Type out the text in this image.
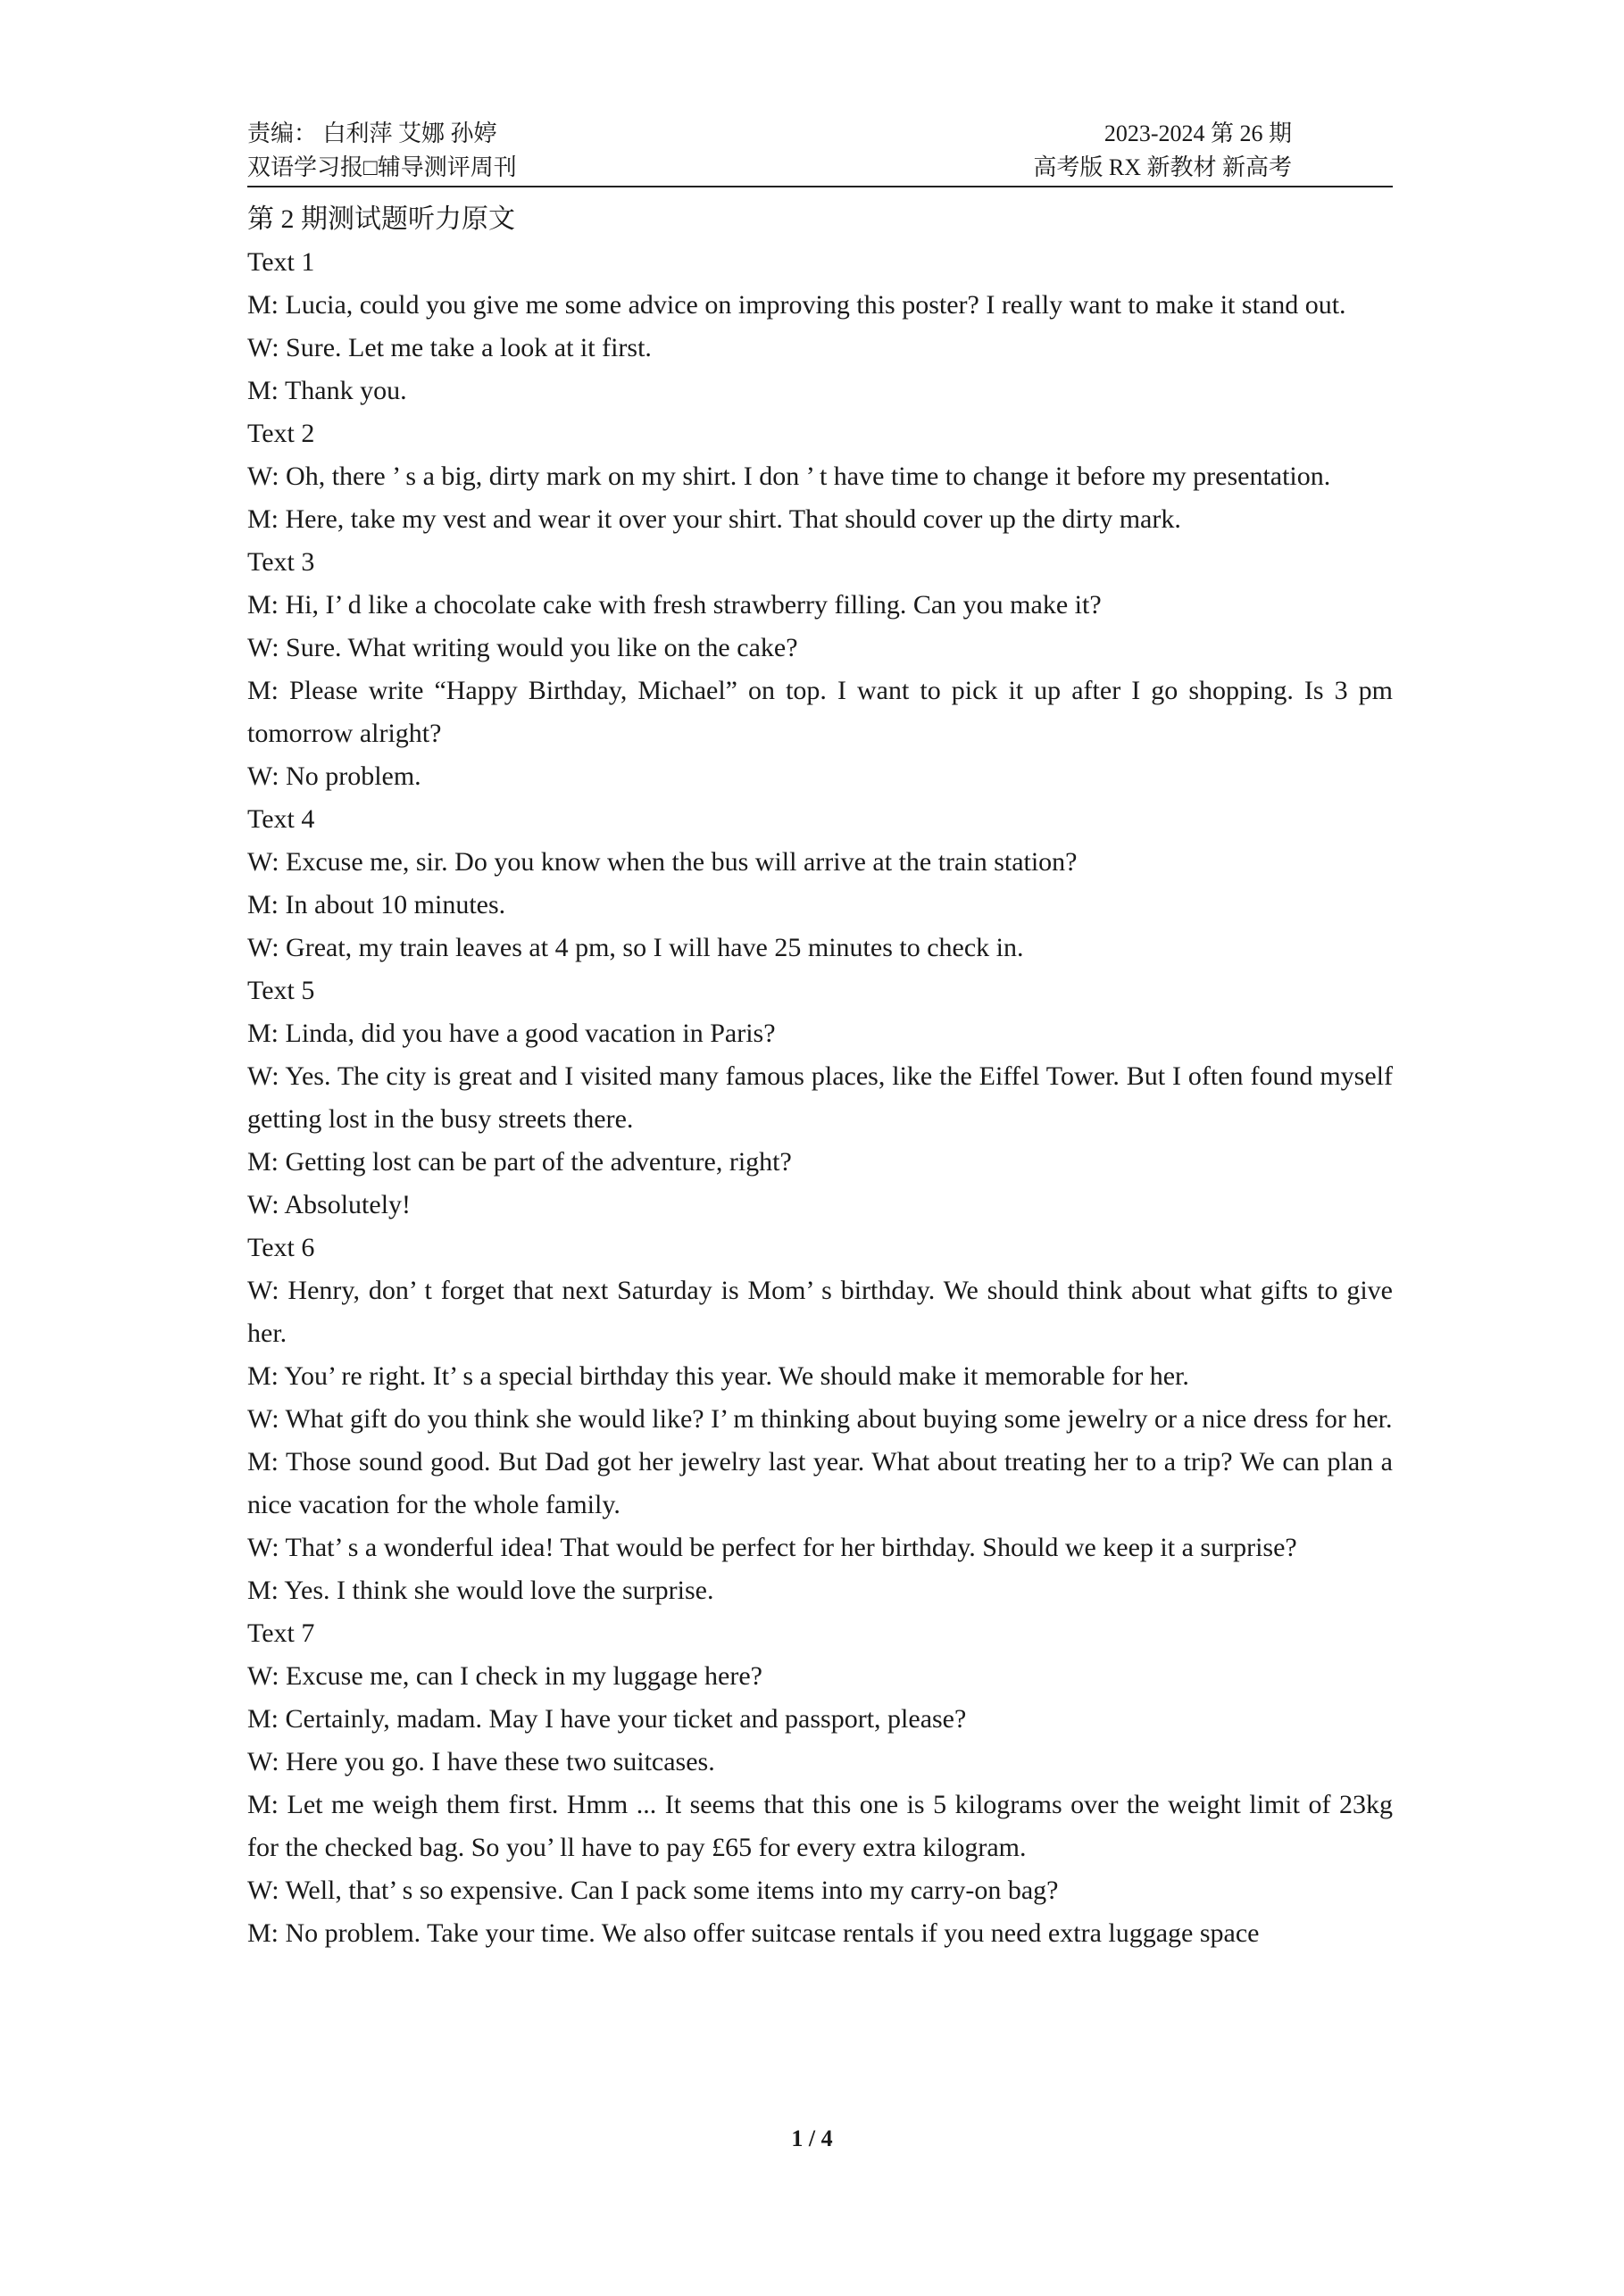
责编： 白利萍 艾娜 孙婷	2023-2024 第 26 期
双语学习报□辅导测评周刊	高考版 RX 新教材 新高考
第 2 期测试题听力原文
Text 1
M: Lucia, could you give me some advice on improving this poster? I really want to make it stand out.
W: Sure. Let me take a look at it first.
M: Thank you.
Text 2
W: Oh, there ’ s a big, dirty mark on my shirt. I don ’ t have time to change it before my presentation.
M: Here, take my vest and wear it over your shirt. That should cover up the dirty mark.
Text 3
M: Hi, I’ d like a chocolate cake with fresh strawberry filling. Can you make it?
W: Sure. What writing would you like on the cake?
M: Please write “Happy Birthday, Michael” on top. I want to pick it up after I go shopping. Is 3 pm tomorrow alright?
W: No problem.
Text 4
W: Excuse me, sir. Do you know when the bus will arrive at the train station?
M: In about 10 minutes.
W: Great, my train leaves at 4 pm, so I will have 25 minutes to check in.
Text 5
M: Linda, did you have a good vacation in Paris?
W: Yes. The city is great and I visited many famous places, like the Eiffel Tower. But I often found myself getting lost in the busy streets there.
M: Getting lost can be part of the adventure, right?
W: Absolutely!
Text 6
W: Henry, don’ t forget that next Saturday is Mom’ s birthday. We should think about what gifts to give her.
M: You’ re right. It’ s a special birthday this year. We should make it memorable for her.
W: What gift do you think she would like? I’ m thinking about buying some jewelry or a nice dress for her.
M: Those sound good. But Dad got her jewelry last year. What about treating her to a trip? We can plan a nice vacation for the whole family.
W: That’ s a wonderful idea! That would be perfect for her birthday. Should we keep it a surprise?
M: Yes. I think she would love the surprise.
Text 7
W: Excuse me, can I check in my luggage here?
M: Certainly, madam. May I have your ticket and passport, please?
W: Here you go. I have these two suitcases.
M: Let me weigh them first. Hmm ... It seems that this one is 5 kilograms over the weight limit of 23kg for the checked bag. So you’ ll have to pay £65 for every extra kilogram.
W: Well, that’ s so expensive. Can I pack some items into my carry-on bag?
M: No problem. Take your time. We also offer suitcase rentals if you need extra luggage space
1 / 4
